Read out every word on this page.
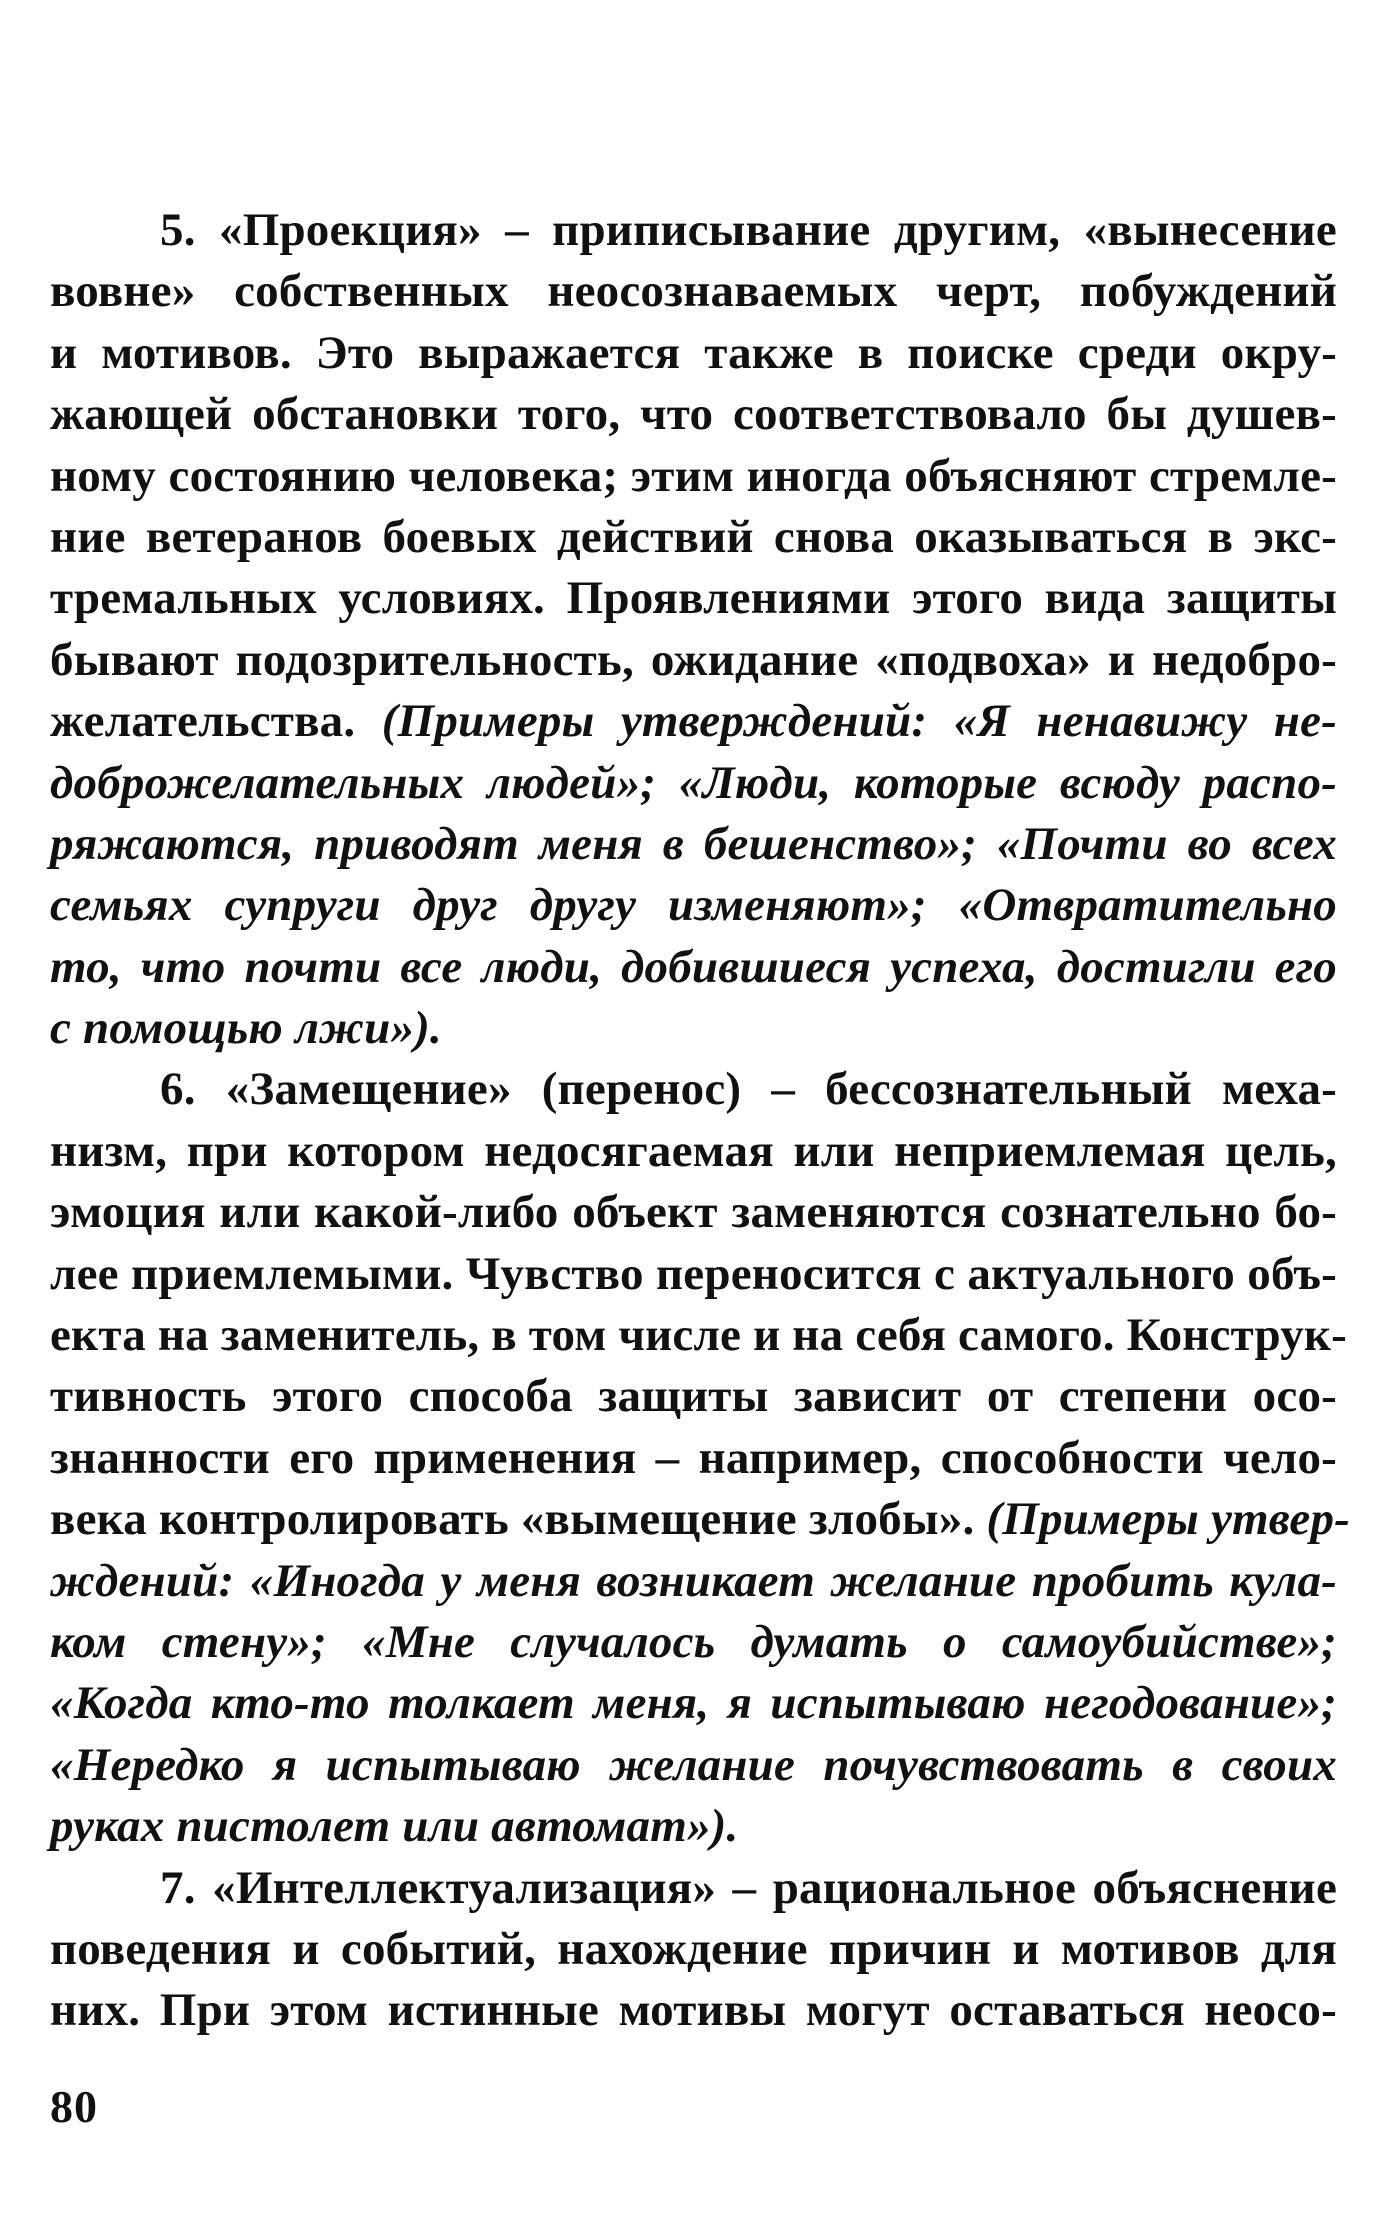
5. «Проекция» – приписывание другим, «вынесение
вовне» собственных неосознаваемых черт, побуждений
и мотивов. Это выражается также в поиске среди окру-
жающей обстановки того, что соответствовало бы душев-
ному состоянию человека; этим иногда объясняют стремле-
ние ветеранов боевых действий снова оказываться в экс-
тремальных условиях. Проявлениями этого вида защиты
бывают подозрительность, ожидание «подвоха» и недобро-
желательства. (Примеры утверждений: «Я ненавижу не-
доброжелательных людей»; «Люди, которые всюду распо-
ряжаются, приводят меня в бешенство»; «Почти во всех
семьях супруги друг другу изменяют»; «Отвратительно
то, что почти все люди, добившиеся успеха, достигли его
с помощью лжи»).
6. «Замещение» (перенос) – бессознательный меха-
низм, при котором недосягаемая или неприемлемая цель,
эмоция или какой-либо объект заменяются сознательно бо-
лее приемлемыми. Чувство переносится с актуального объ-
екта на заменитель, в том числе и на себя самого. Конструк-
тивность этого способа защиты зависит от степени осо-
знанности его применения – например, способности чело-
века контролировать «вымещение злобы». (Примеры утвер-
ждений: «Иногда у меня возникает желание пробить кула-
ком стену»; «Мне случалось думать о самоубийстве»;
«Когда кто-то толкает меня, я испытываю негодование»;
«Нередко я испытываю желание почувствовать в своих
руках пистолет или автомат»).
7. «Интеллектуализация» – рациональное объяснение
поведения и событий, нахождение причин и мотивов для
них. При этом истинные мотивы могут оставаться неосо-
80
